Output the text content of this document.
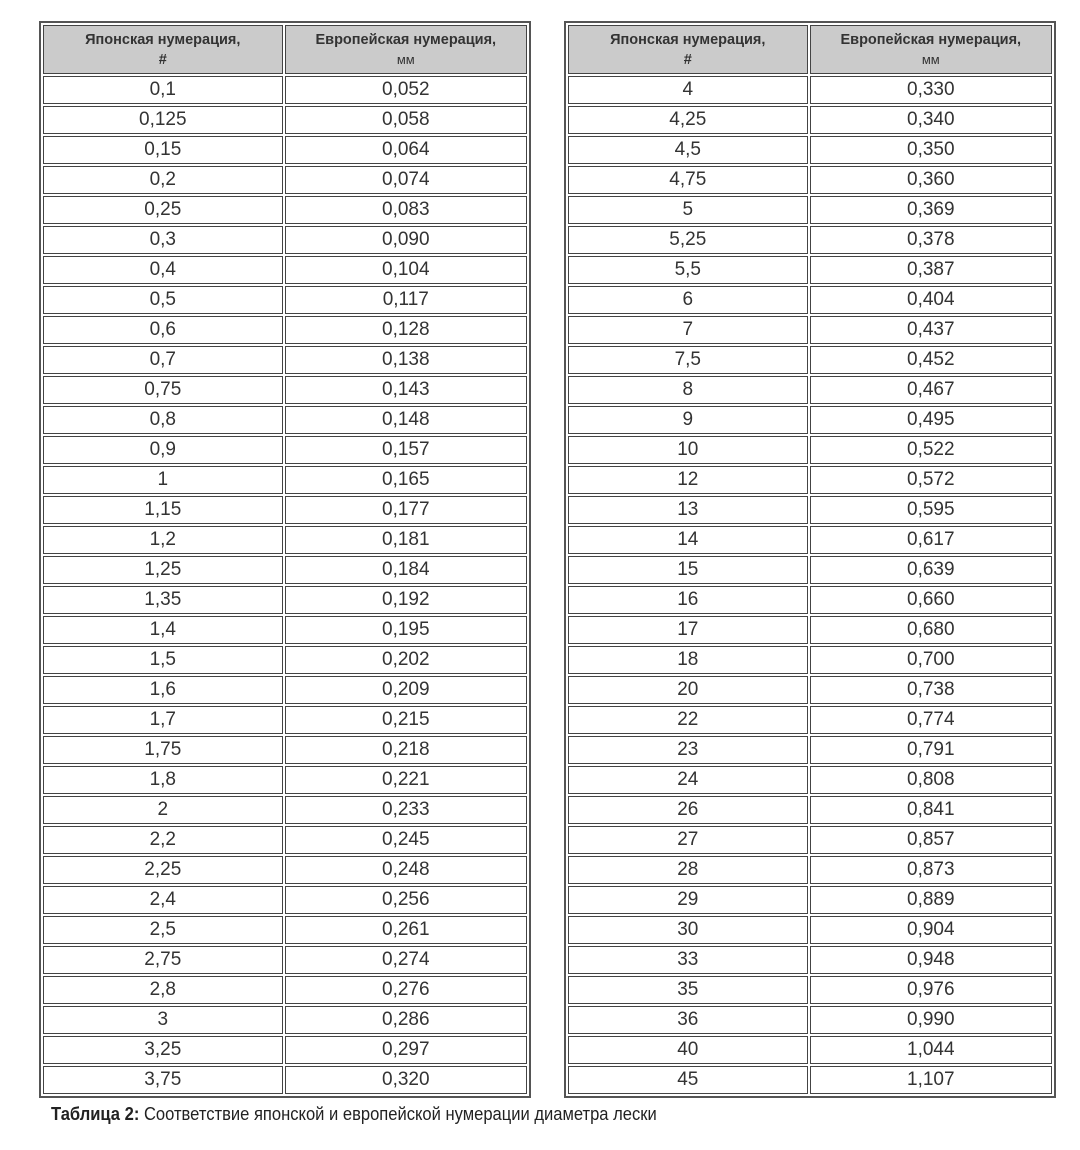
Японская нумерация,
#	Европейская нумерация,
мм
0,1	0,052
0,125	0,058
0,15	0,064
0,2	0,074
0,25	0,083
0,3	0,090
0,4	0,104
0,5	0,117
0,6	0,128
0,7	0,138
0,75	0,143
0,8	0,148
0,9	0,157
1	0,165
1,15	0,177
1,2	0,181
1,25	0,184
1,35	0,192
1,4	0,195
1,5	0,202
1,6	0,209
1,7	0,215
1,75	0,218
1,8	0,221
2	0,233
2,2	0,245
2,25	0,248
2,4	0,256
2,5	0,261
2,75	0,274
2,8	0,276
3	0,286
3,25	0,297
3,75	0,320
Японская нумерация,
#	Европейская нумерация,
мм
4	0,330
4,25	0,340
4,5	0,350
4,75	0,360
5	0,369
5,25	0,378
5,5	0,387
6	0,404
7	0,437
7,5	0,452
8	0,467
9	0,495
10	0,522
12	0,572
13	0,595
14	0,617
15	0,639
16	0,660
17	0,680
18	0,700
20	0,738
22	0,774
23	0,791
24	0,808
26	0,841
27	0,857
28	0,873
29	0,889
30	0,904
33	0,948
35	0,976
36	0,990
40	1,044
45	1,107
Таблица 2: Соответствие японской и европейской нумерации диаметра лески
